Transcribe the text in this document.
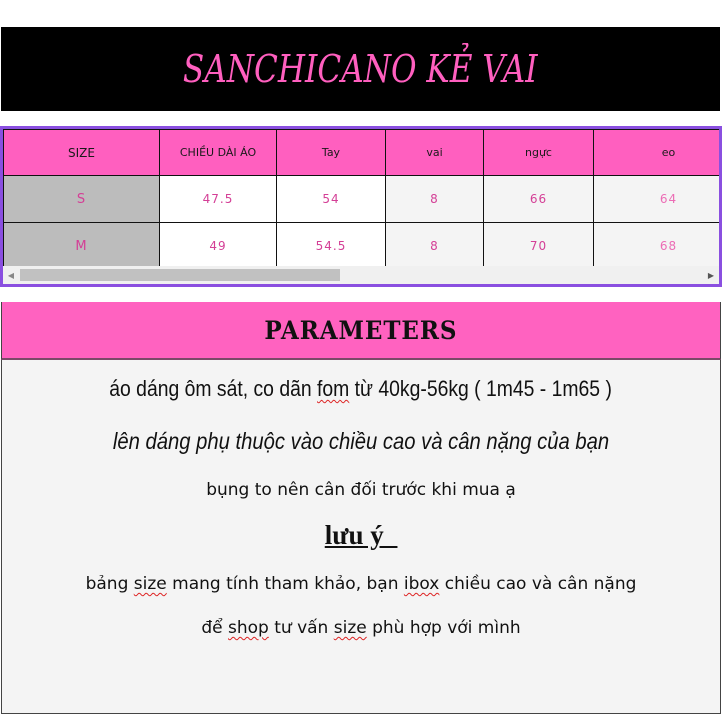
SANCHICANO KẺ VAI
SIZE	CHIỀU DÀI ÁO	Tay	vai	ngực	eo
S	47.5	54	8	66	64
M	49	54.5	8	70	68
◀	▶
PARAMETERS
áo dáng ôm sát, co dãn fom từ 40kg-56kg ( 1m45 - 1m65 )
lên dáng phụ thuộc vào chiều cao và cân nặng của bạn
bụng to nên cân đối trước khi mua ạ
lưu ý_
bảng size mang tính tham khảo, bạn ibox chiều cao và cân nặng
để shop tư vấn size phù hợp với mình
